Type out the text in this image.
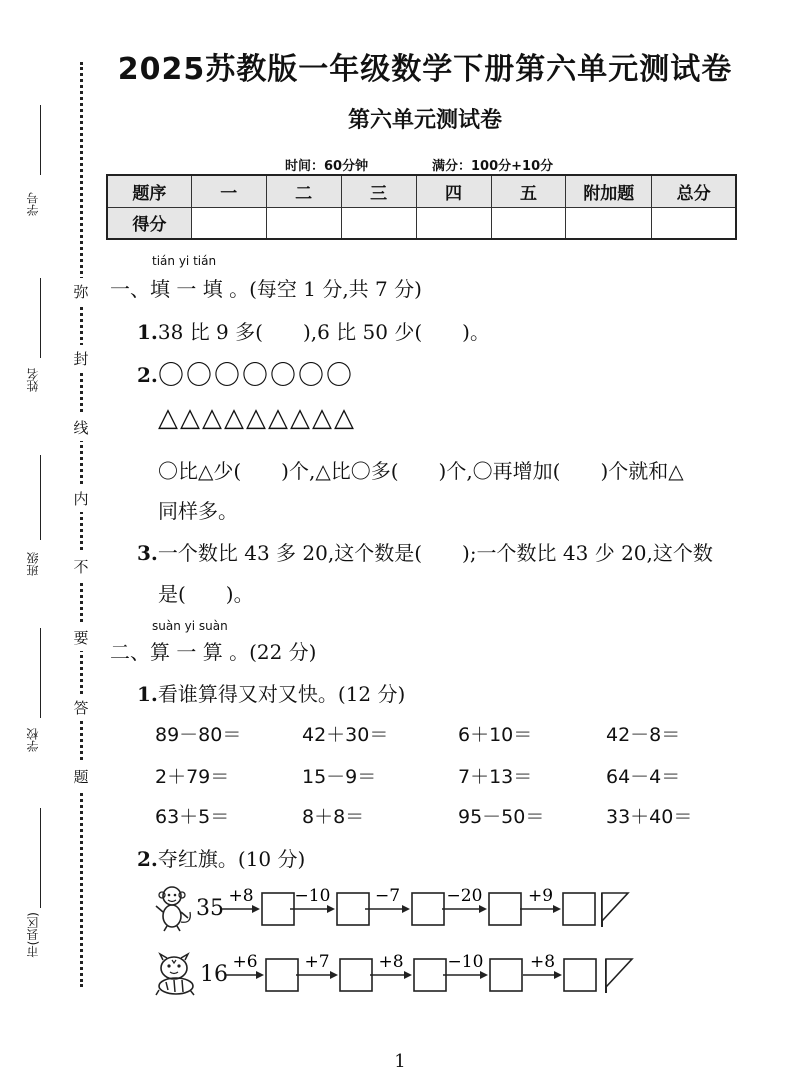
弥
封
线
内
不
要
答
题
学号
姓名
班级
学校
市(县区)
2025苏教版一年级数学下册第六单元测试卷
第六单元测试卷
时间：60分钟	满分：100分+10分
题序	一	二	三	四	五	附加题	总分
得分							
tián yi tián
一、填 一 填 。(每空 1 分,共 7 分)
1.38 比 9 多(　　),6 比 50 少(　　)。
2. 〇〇〇〇〇〇〇
△△△△△△△△△
〇比△少(　　)个,△比〇多(　　)个,〇再增加(　　)个就和△
同样多。
3.一个数比 43 多 20,这个数是(　　);一个数比 43 少 20,这个数
是(　　)。
suàn yi suàn
二、算 一 算 。(22 分)
1.看谁算得又对又快。(12 分)
89－80＝	42＋30＝	6＋10＝	42－8＝
2＋79＝	15－9＝	7＋13＝	64－4＝
63＋5＝	8＋8＝	95－50＝	33＋40＝
2.夺红旗。(10 分)
35 +8 −10	−7	−20	+9
16 +6	+7	+8	−10	+8
1
